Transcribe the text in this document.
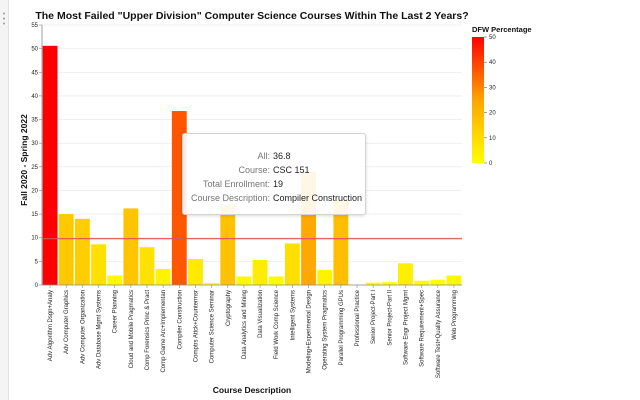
•
•
•
The Most Failed "Upper Division" Computer Science Courses Within The Last 2 Years?
0
5
10
15
20
25
30
35
40
45
50
55
Adv Algorithm Dsgn+Analy Adv Computer Graphics Adv Computer Organization Adv Database Mgmt Systems Career Planning Cloud and Mobile Pragmatics Comp Forensics Princ & Pract Comp Game Arc+Implementan Compiler Construction Comptrs Attck+Countermsr Computer Science Seminar Cryptography Data Analytics and Mining Data Visualization Field Work Comp Science Intelligent Systems Modeling+Experimental Design Operating System Pragmatics Parallel Programming GPUs Professional Practice Senior Project-Part I Senior Project-Part II Software Engr Project Mgmt Software Requirement+Spec Software Test+Quality Assurance Web Programming
Fall 2020 - Spring 2022
Course Description
DFW Percentage
0
10
20
30
40
50
All: 36.8
Course: CSC 151
Total Enrollment: 19
Course Description: Compiler Construction
